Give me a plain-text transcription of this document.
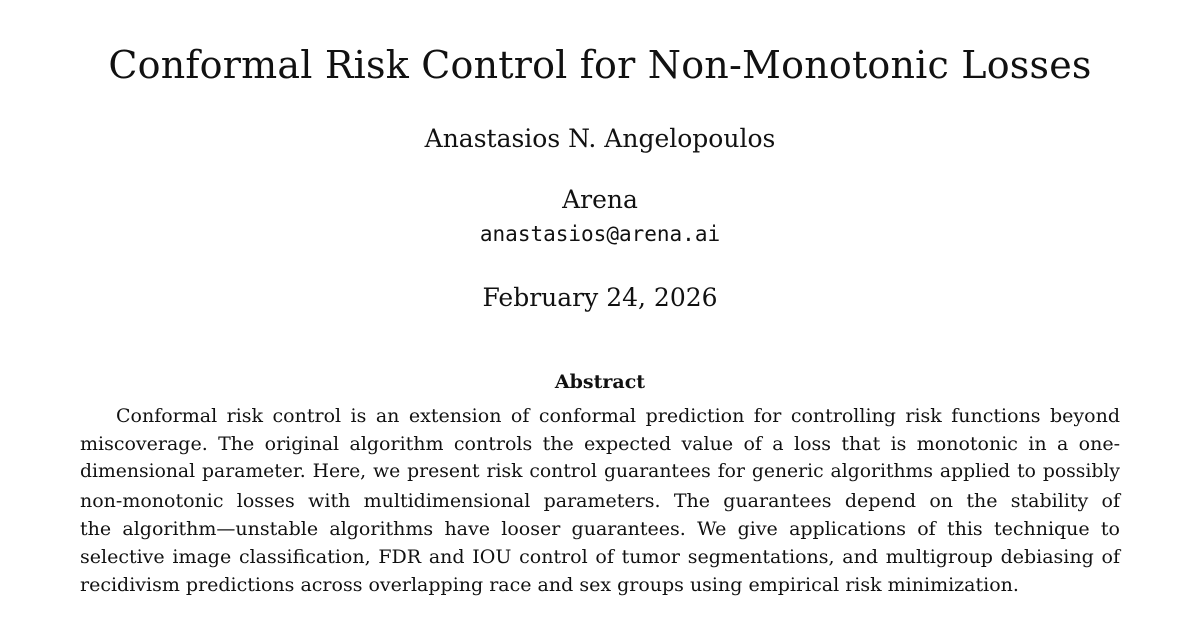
Conformal Risk Control for Non-Monotonic Losses
Anastasios N. Angelopoulos
Arena
anastasios@arena.ai
February 24, 2026
Abstract
Conformal risk control is an extension of conformal prediction for controlling risk functions beyond
miscoverage. The original algorithm controls the expected value of a loss that is monotonic in a one-
dimensional parameter. Here, we present risk control guarantees for generic algorithms applied to possibly
non-monotonic losses with multidimensional parameters. The guarantees depend on the stability of
the algorithm—unstable algorithms have looser guarantees. We give applications of this technique to
selective image classification, FDR and IOU control of tumor segmentations, and multigroup debiasing of
recidivism predictions across overlapping race and sex groups using empirical risk minimization.
